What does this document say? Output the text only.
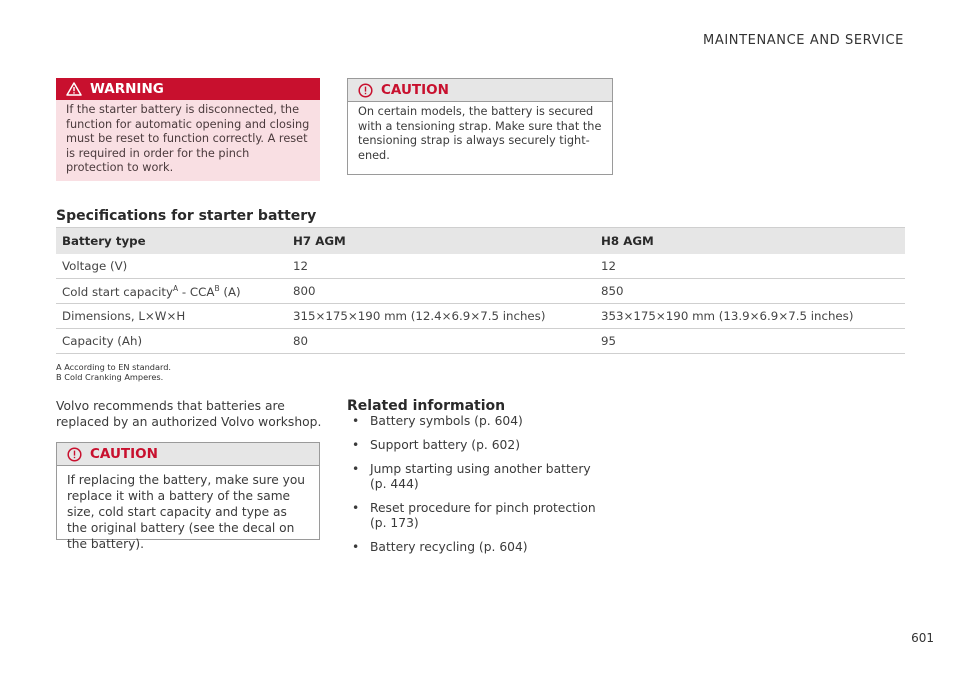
MAINTENANCE AND SERVICE
WARNING
If the starter battery is disconnected, the function for automatic opening and closing must be reset to function correctly. A reset is required in order for the pinch protection to work.
CAUTION
On certain models, the battery is secured with a tensioning strap. Make sure that the tensioning strap is always securely tight-ened.
Specifications for starter battery
Battery type	H7 AGM	H8 AGM
Voltage (V)	12	12
Cold start capacity$^A$ - $CCA^B$ (A)	800	850
Dimensions, L×W×H	315×175×190 mm (12.4×6.9×7.5 inches)	353×175×190 mm (13.9×6.9×7.5 inches)
Capacity (Ah)	80	95
A According to EN standard.
B Cold Cranking Amperes.
Volvo recommends that batteries are replaced by an authorized Volvo workshop.
CAUTION
If replacing the battery, make sure you replace it with a battery of the same size, cold start capacity and type as the original battery (see the decal on the battery).
Related information
• Battery symbols (p. 604)
• Support battery (p. 602)
• Jump starting using another battery (p. 444)
• Reset procedure for pinch protection (p. 173)
• Battery recycling (p. 604)
601
